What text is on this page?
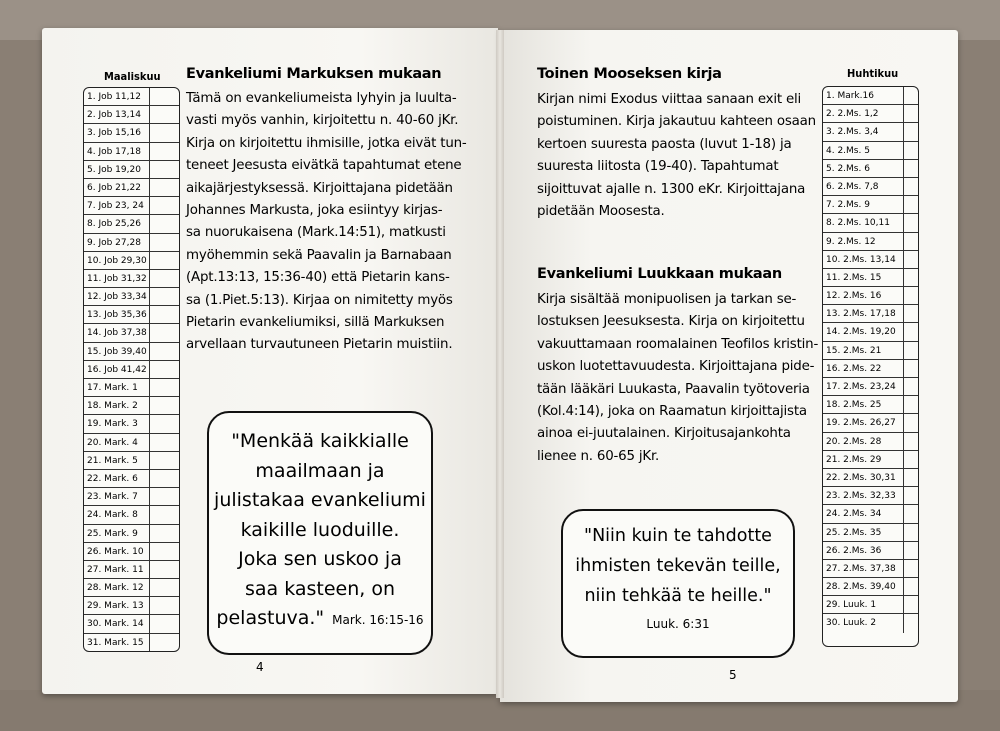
Maaliskuu
1. Job 11,12
2. Job 13,14
3. Job 15,16
4. Job 17,18
5. Job 19,20
6. Job 21,22
7. Job 23, 24
8. Job 25,26
9. Job 27,28
10. Job 29,30
11. Job 31,32
12. Job 33,34
13. Job 35,36
14. Job 37,38
15. Job 39,40
16. Job 41,42
17. Mark. 1
18. Mark. 2
19. Mark. 3
20. Mark. 4
21. Mark. 5
22. Mark. 6
23. Mark. 7
24. Mark. 8
25. Mark. 9
26. Mark. 10
27. Mark. 11
28. Mark. 12
29. Mark. 13
30. Mark. 14
31. Mark. 15
Evankeliumi Markuksen mukaan
Tämä on evankeliumeista lyhyin ja luulta-
vasti myös vanhin, kirjoitettu n. 40-60 jKr.
Kirja on kirjoitettu ihmisille, jotka eivät tun-
teneet Jeesusta eivätkä tapahtumat etene
aikajärjestyksessä. Kirjoittajana pidetään
Johannes Markusta, joka esiintyy kirjas-
sa nuorukaisena (Mark.14:51), matkusti
myöhemmin sekä Paavalin ja Barnabaan
(Apt.13:13, 15:36-40) että Pietarin kans-
sa (1.Piet.5:13). Kirjaa on nimitetty myös
Pietarin evankeliumiksi, sillä Markuksen
arvellaan turvautuneen Pietarin muistiin.
"Menkää kaikkialle
maailmaan ja
julistakaa evankeliumi
kaikille luoduille.
Joka sen uskoo ja
saa kasteen, on
pelastuva." Mark. 16:15-16
4
Toinen Mooseksen kirja
Kirjan nimi Exodus viittaa sanaan exit eli
poistuminen. Kirja jakautuu kahteen osaan
kertoen suuresta paosta (luvut 1-18) ja
suuresta liitosta (19-40). Tapahtumat
sijoittuvat ajalle n. 1300 eKr. Kirjoittajana
pidetään Moosesta.
Evankeliumi Luukkaan mukaan
Kirja sisältää monipuolisen ja tarkan se-
lostuksen Jeesuksesta. Kirja on kirjoitettu
vakuuttamaan roomalainen Teofilos kristin-
uskon luotettavuudesta. Kirjoittajana pide-
tään lääkäri Luukasta, Paavalin työtoveria
(Kol.4:14), joka on Raamatun kirjoittajista
ainoa ei-juutalainen. Kirjoitusajankohta
lienee n. 60-65 jKr.
"Niin kuin te tahdotte
ihmisten tekevän teille,
niin tehkää te heille."
Luuk. 6:31
Huhtikuu
1. Mark.16
2. 2.Ms. 1,2
3. 2.Ms. 3,4
4. 2.Ms. 5
5. 2.Ms. 6
6. 2.Ms. 7,8
7. 2.Ms. 9
8. 2.Ms. 10,11
9. 2.Ms. 12
10. 2.Ms. 13,14
11. 2.Ms. 15
12. 2.Ms. 16
13. 2.Ms. 17,18
14. 2.Ms. 19,20
15. 2.Ms. 21
16. 2.Ms. 22
17. 2.Ms. 23,24
18. 2.Ms. 25
19. 2.Ms. 26,27
20. 2.Ms. 28
21. 2.Ms. 29
22. 2.Ms. 30,31
23. 2.Ms. 32,33
24. 2.Ms. 34
25. 2.Ms. 35
26. 2.Ms. 36
27. 2.Ms. 37,38
28. 2.Ms. 39,40
29. Luuk. 1
30. Luuk. 2
5
